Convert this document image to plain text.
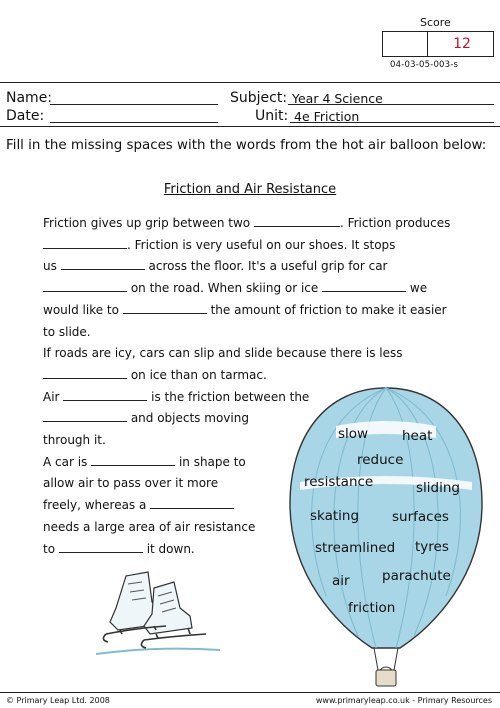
Score
12
04-03-05-003-s
Name:	Subject: Year 4 Science
Date:	Unit: 4e Friction
Fill in the missing spaces with the words from the hot air balloon below:
Friction and Air Resistance

Friction gives up grip between two	. Friction produces

. Friction is very useful on our shoes. It stops

us	across the floor. It's a useful grip for car

on the road. When skiing or ice	we

would like to	the amount of friction to make it easier

to slide.

If roads are icy, cars can slip and slide because there is less

on ice than on tarmac.

Air	is the friction between the

and objects moving

through it.

A car is	in shape to

allow air to pass over it more

freely, whereas a

needs a large area of air resistance

to	it down.

slow	heat
reduce
resistance	sliding
skating surfaces
streamlined tyres
air parachute
friction
© Primary Leap Ltd. 2008	www.primaryleap.co.uk - Primary Resources
